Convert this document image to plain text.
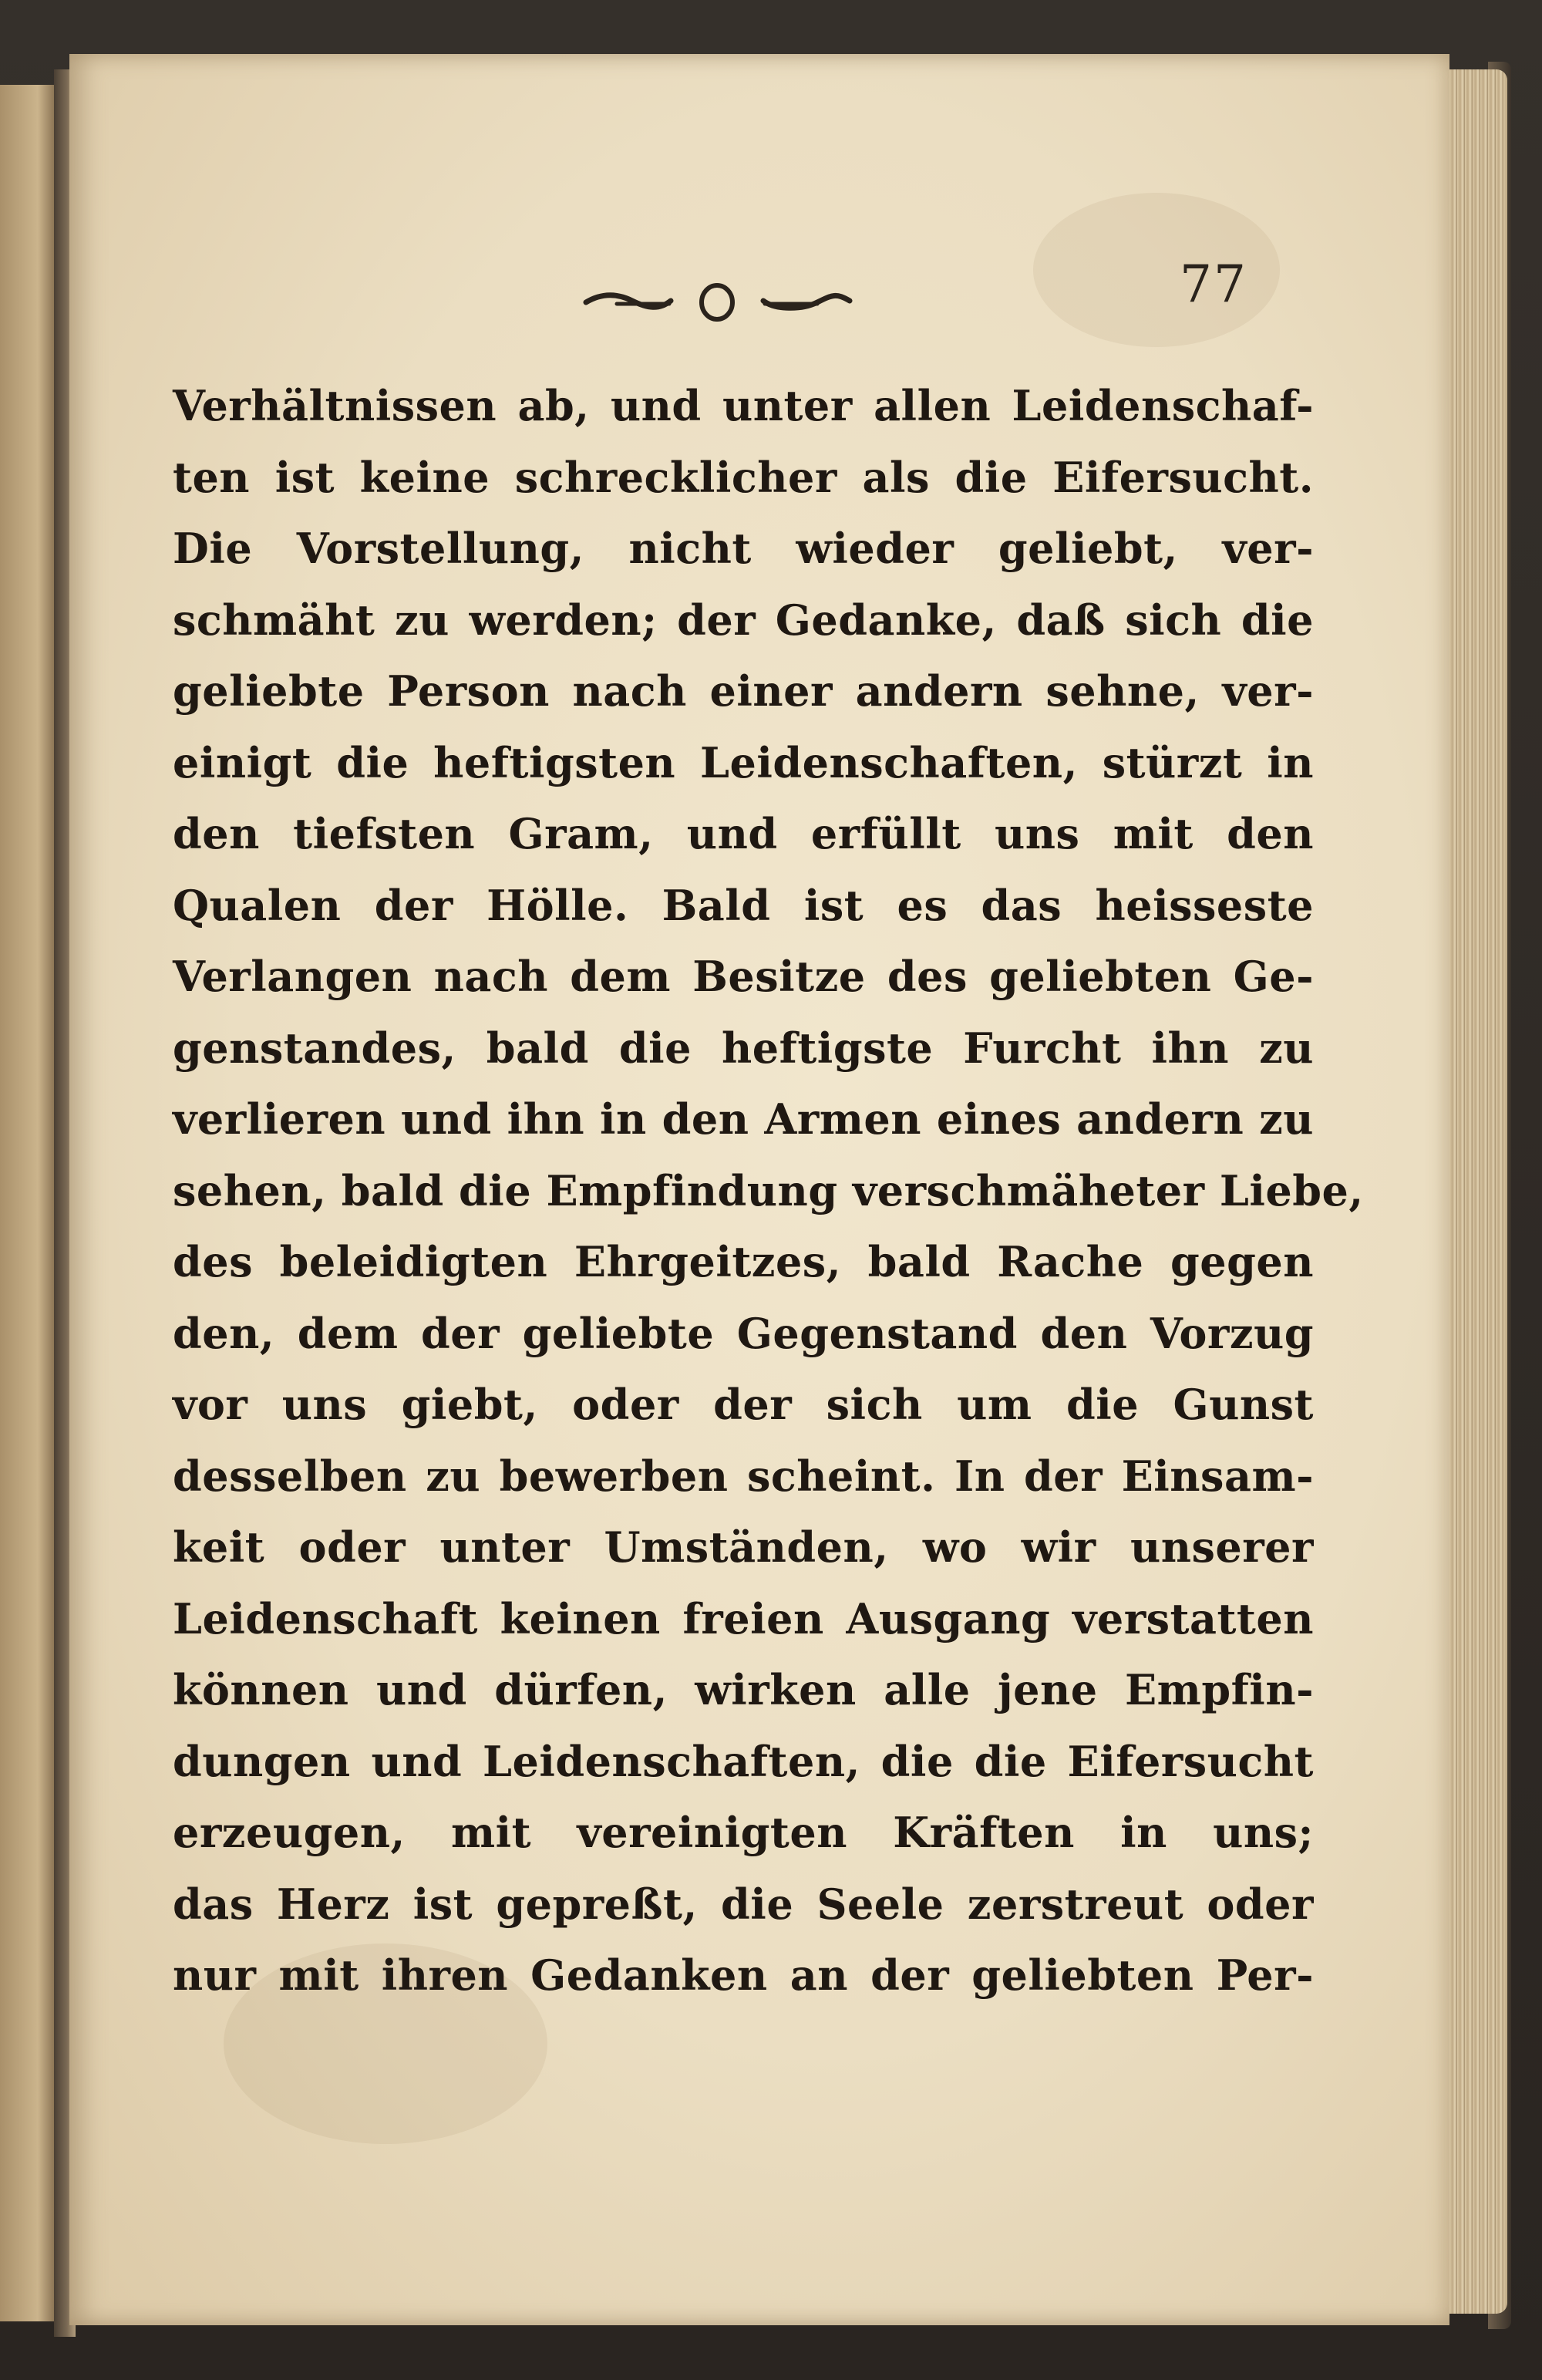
77
Verhältnissen ab, und unter allen Leidenschaf-
ten ist keine schrecklicher als die Eifersucht.
Die Vorstellung, nicht wieder geliebt, ver-
schmäht zu werden; der Gedanke, daß sich die
geliebte Person nach einer andern sehne, ver-
einigt die heftigsten Leidenschaften, stürzt in
den tiefsten Gram, und erfüllt uns mit den
Qualen der Hölle. Bald ist es das heisseste
Verlangen nach dem Besitze des geliebten Ge-
genstandes, bald die heftigste Furcht ihn zu
verlieren und ihn in den Armen eines andern zu
sehen, bald die Empfindung verschmäheter Liebe,
des beleidigten Ehrgeitzes, bald Rache gegen
den, dem der geliebte Gegenstand den Vorzug
vor uns giebt, oder der sich um die Gunst
desselben zu bewerben scheint. In der Einsam-
keit oder unter Umständen, wo wir unserer
Leidenschaft keinen freien Ausgang verstatten
können und dürfen, wirken alle jene Empfin-
dungen und Leidenschaften, die die Eifersucht
erzeugen, mit vereinigten Kräften in uns;
das Herz ist gepreßt, die Seele zerstreut oder
nur mit ihren Gedanken an der geliebten Per-
